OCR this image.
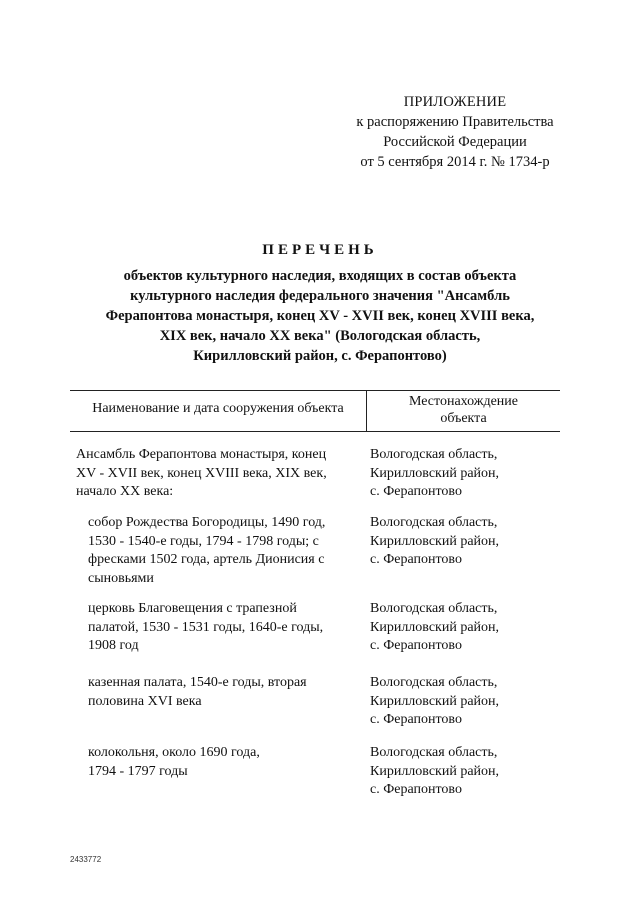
ПРИЛОЖЕНИЕ
к распоряжению Правительства
Российской Федерации
от 5 сентября 2014 г. № 1734-р
ПЕРЕЧЕНЬ
объектов культурного наследия, входящих в состав объекта
культурного наследия федерального значения "Ансамбль
Ферапонтова монастыря, конец XV - XVII век, конец XVIII века,
XIX век, начало XX века" (Вологодская область,
Кирилловский район, с. Ферапонтово)
Наименование и дата сооружения объекта	Местонахождение
объекта
Ансамбль Ферапонтова монастыря, конец
XV - XVII век, конец XVIII века, XIX век,
начало XX века:
Вологодская область,
Кирилловский район,
с. Ферапонтово
собор Рождества Богородицы, 1490 год,
1530 - 1540-е годы, 1794 - 1798 годы; с
фресками 1502 года, артель Дионисия с
сыновьями
Вологодская область,
Кирилловский район,
с. Ферапонтово
церковь Благовещения с трапезной
палатой, 1530 - 1531 годы, 1640-е годы,
1908 год
Вологодская область,
Кирилловский район,
с. Ферапонтово
казенная палата, 1540-е годы, вторая
половина XVI века
Вологодская область,
Кирилловский район,
с. Ферапонтово
колокольня, около 1690 года,
1794 - 1797 годы
Вологодская область,
Кирилловский район,
с. Ферапонтово
2433772
